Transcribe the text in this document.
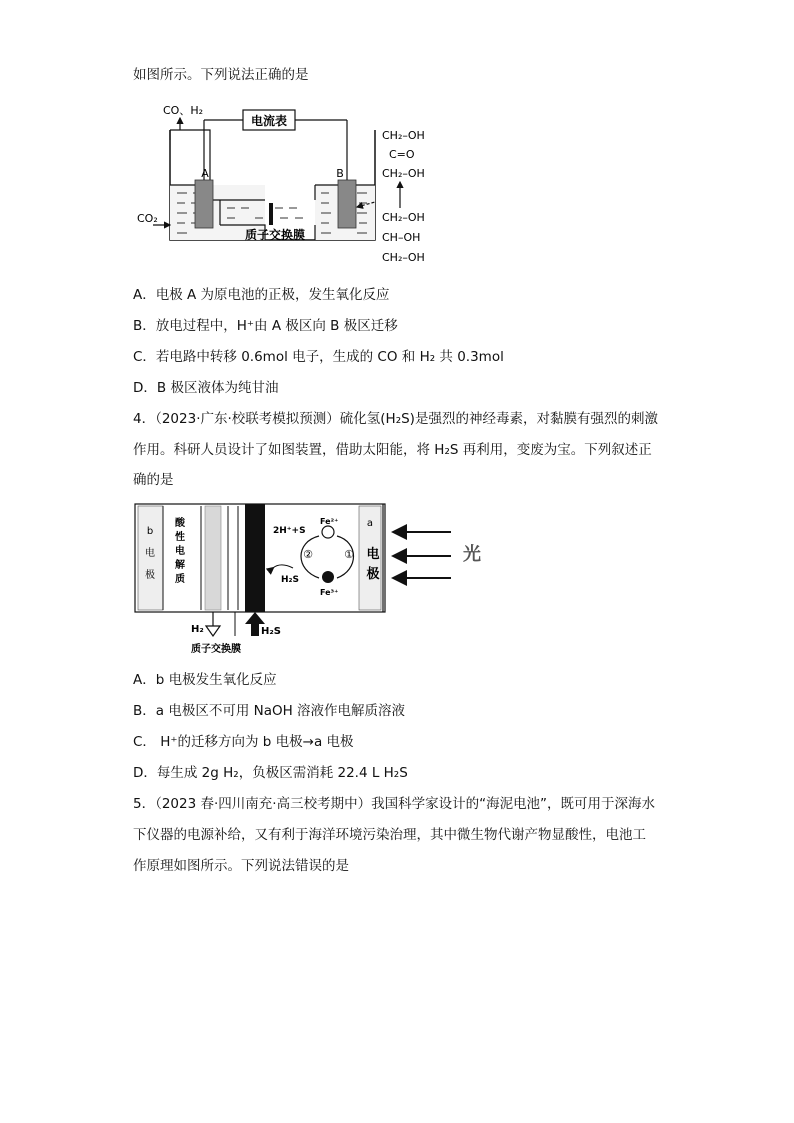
如图所示。下列说法正确的是
电流表
A	B
CO、H₂
CO₂
质子交换膜
CH₂–OH
C=O
CH₂–OH
CH₂–OH
CH–OH
CH₂–OH
A．电极 A 为原电池的正极，发生氧化反应
B．放电过程中，H⁺由 A 极区向 B 极区迁移
C．若电路中转移 0.6mol 电子，生成的 CO 和 H₂ 共 0.3mol
D．B 极区液体为纯甘油
4．（2023·广东·校联考模拟预测）硫化氢(H₂S)是强烈的神经毒素，对黏膜有强烈的刺激
作用。科研人员设计了如图装置，借助太阳能，将 H₂S 再利用，变废为宝。下列叙述正
确的是
b
电
极
酸
性
电
解
质
2H⁺+S
Fe²⁺
②	①
Fe³⁺
H₂S
a
电
极
光
H₂	H₂S
质子交换膜
A．b 电极发生氧化反应
B．a 电极区不可用 NaOH 溶液作电解质溶液
C． H⁺的迁移方向为 b 电极→a 电极
D．每生成 2g H₂，负极区需消耗 22.4 L H₂S
5．（2023 春·四川南充·高三校考期中）我国科学家设计的“海泥电池”，既可用于深海水
下仪器的电源补给，又有利于海洋环境污染治理，其中微生物代谢产物显酸性，电池工
作原理如图所示。下列说法错误的是
